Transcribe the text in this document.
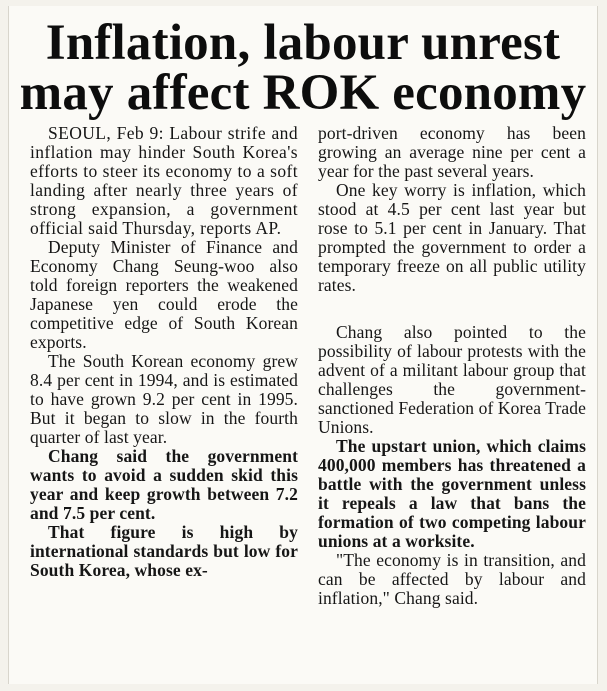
Inflation, labour unrest
may affect ROK economy

SEOUL, Feb 9: Labour strife and inflation may hinder South Korea's efforts to steer its economy to a soft landing after nearly three years of strong expansion, a government official said Thursday, reports AP.

Deputy Minister of Finance and Economy Chang Seung-woo also told foreign reporters the weakened Japanese yen could erode the competitive edge of South Korean exports.

The South Korean economy grew 8.4 per cent in 1994, and is estimated to have grown 9.2 per cent in 1995. But it began to slow in the fourth quarter of last year.

Chang said the government wants to avoid a sudden skid this year and keep growth between 7.2 and 7.5 per cent.

That figure is high by international standards but low for South Korea, whose ex-

port-driven economy has been growing an average nine per cent a year for the past several years.

One key worry is inflation, which stood at 4.5 per cent last year but rose to 5.1 per cent in January. That prompted the government to order a temporary freeze on all public utility rates.

Chang also pointed to the possibility of labour protests with the advent of a militant labour group that challenges the government-sanctioned Federation of Korea Trade Unions.

The upstart union, which claims 400,000 members has threatened a battle with the government unless it repeals a law that bans the formation of two competing labour unions at a worksite.

"The economy is in transition, and can be affected by labour and inflation," Chang said.
